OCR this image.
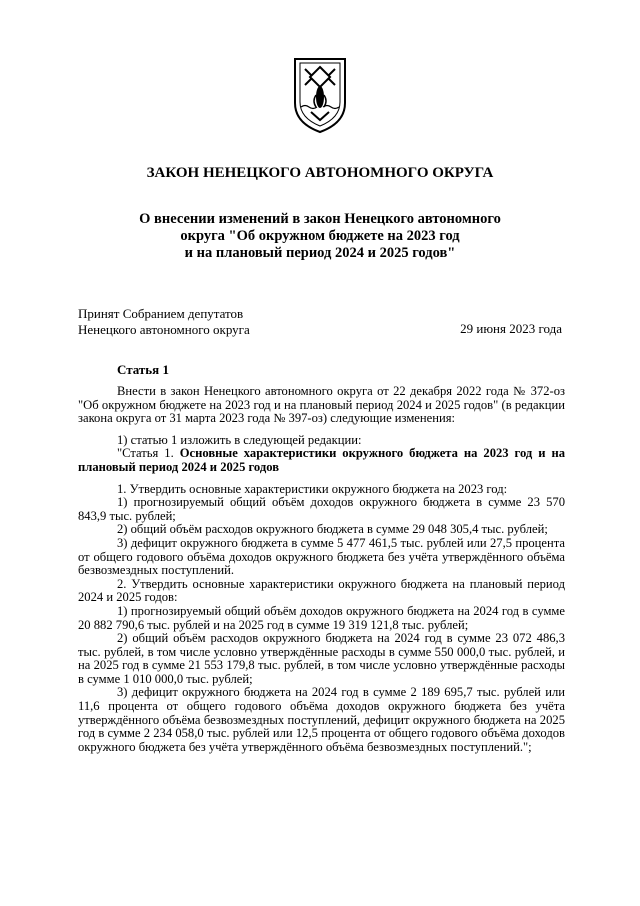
ЗАКОН НЕНЕЦКОГО АВТОНОМНОГО ОКРУГА
О внесении изменений в закон Ненецкого автономного
округа "Об окружном бюджете на 2023 год
и на плановый период 2024 и 2025 годов"
Принят Собранием депутатов
Ненецкого автономного округа	29 июня 2023 года
Статья 1

Внести в закон Ненецкого автономного округа от 22 декабря 2022 года № 372-оз "Об окружном бюджете на 2023 год и на плановый период 2024 и 2025 годов" (в редакции закона округа от 31 марта 2023 года № 397-оз) следующие изменения:

1) статью 1 изложить в следующей редакции:

"Статья 1. Основные характеристики окружного бюджета на 2023 год и на плановый период 2024 и 2025 годов

1. Утвердить основные характеристики окружного бюджета на 2023 год:

1) прогнозируемый общий объём доходов окружного бюджета в сумме 23 570 843,9 тыс. рублей;

2) общий объём расходов окружного бюджета в сумме 29 048 305,4 тыс. рублей;

3) дефицит окружного бюджета в сумме 5 477 461,5 тыс. рублей или 27,5 процента от общего годового объёма доходов окружного бюджета без учёта утверждённого объёма безвозмездных поступлений.

2. Утвердить основные характеристики окружного бюджета на плановый период 2024 и 2025 годов:

1) прогнозируемый общий объём доходов окружного бюджета на 2024 год в сумме 20 882 790,6 тыс. рублей и на 2025 год в сумме 19 319 121,8 тыс. рублей;

2) общий объём расходов окружного бюджета на 2024 год в сумме 23 072 486,3 тыс. рублей, в том числе условно утверждённые расходы в сумме 550 000,0 тыс. рублей, и на 2025 год в сумме 21 553 179,8 тыс. рублей, в том числе условно утверждённые расходы в сумме 1 010 000,0 тыс. рублей;

3) дефицит окружного бюджета на 2024 год в сумме 2 189 695,7 тыс. рублей или 11,6 процента от общего годового объёма доходов окружного бюджета без учёта утверждённого объёма безвозмездных поступлений, дефицит окружного бюджета на 2025 год в сумме 2 234 058,0 тыс. рублей или 12,5 процента от общего годового объёма доходов окружного бюджета без учёта утверждённого объёма безвозмездных поступлений.";
